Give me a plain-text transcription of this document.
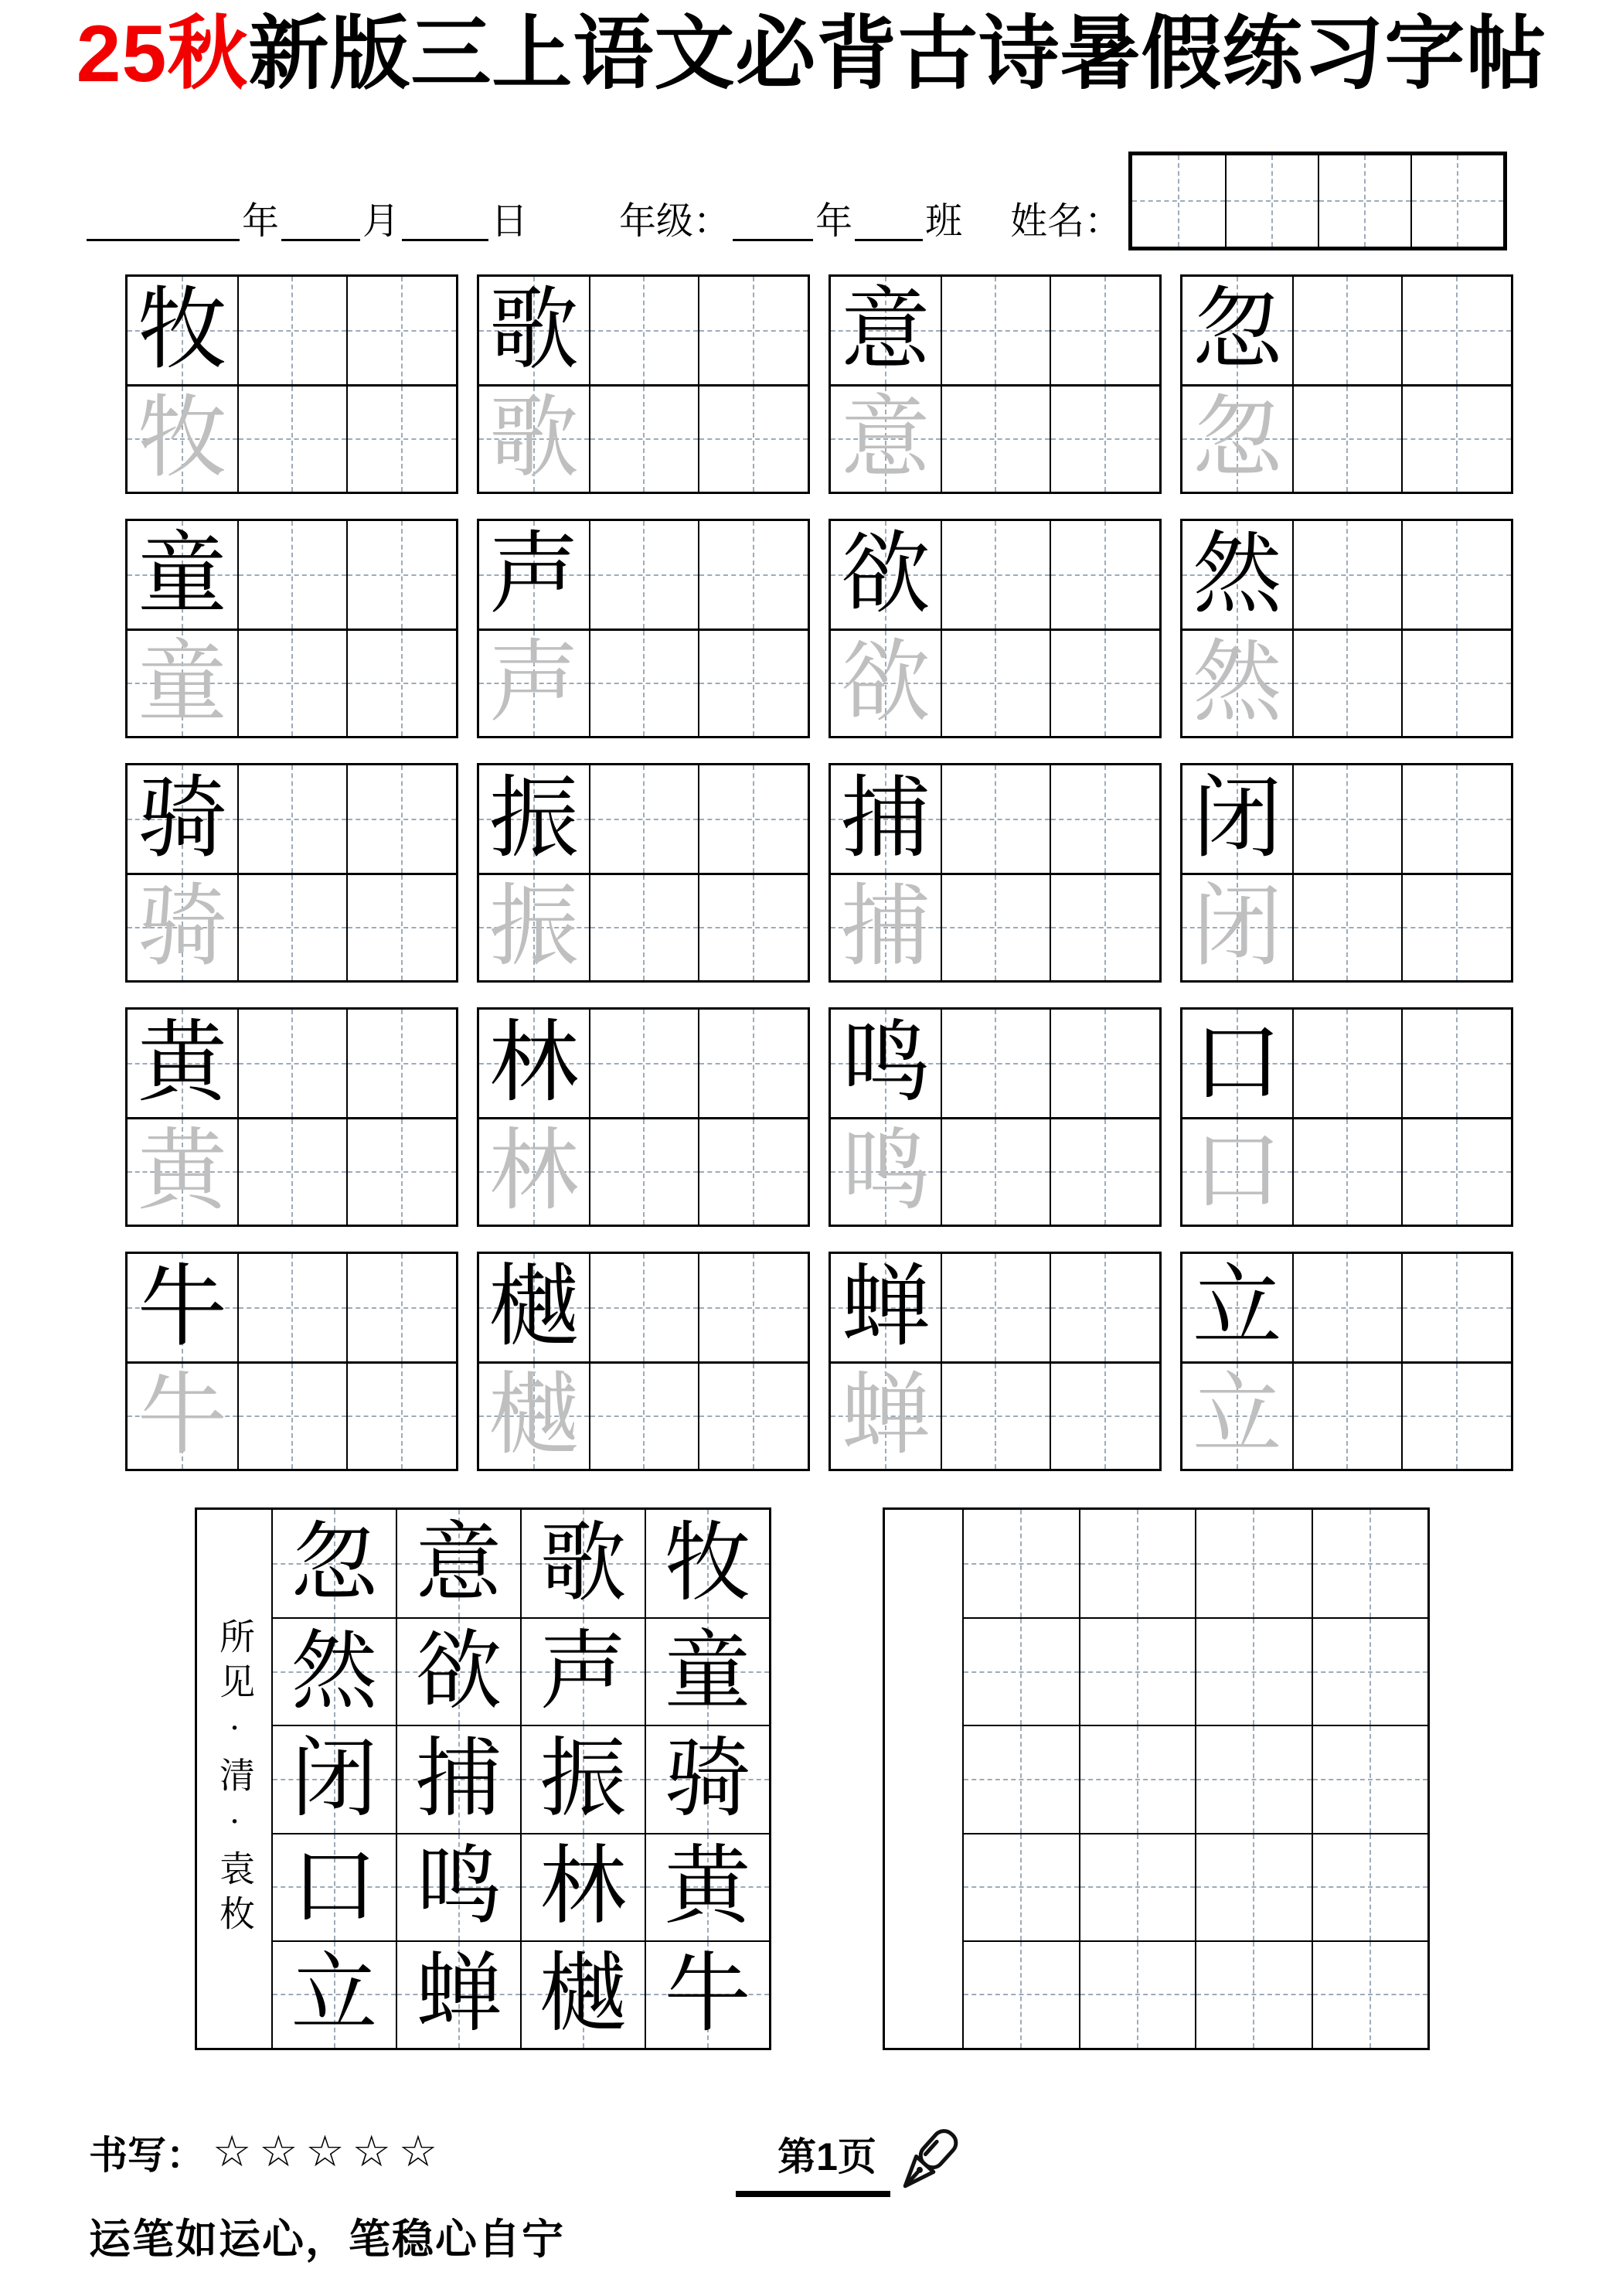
25秋新版三上语文必背古诗暑假练习字帖
年 月 日 年级： 年 班 姓名：
牧
牧
歌
歌
意
意
忽
忽
童
童
声
声
欲
欲
然
然
骑
骑
振
振
捕
捕
闭
闭
黄
黄
林
林
鸣
鸣
口
口
牛
牛
樾
樾
蝉
蝉
立
立
所见·清·袁枚
忽 意 歌 牧
然 欲 声 童
闭 捕 振 骑
口 鸣 林 黄
立 蝉 樾 牛
书写： ☆☆☆☆☆	第1页
运笔如运心，笔稳心自宁
